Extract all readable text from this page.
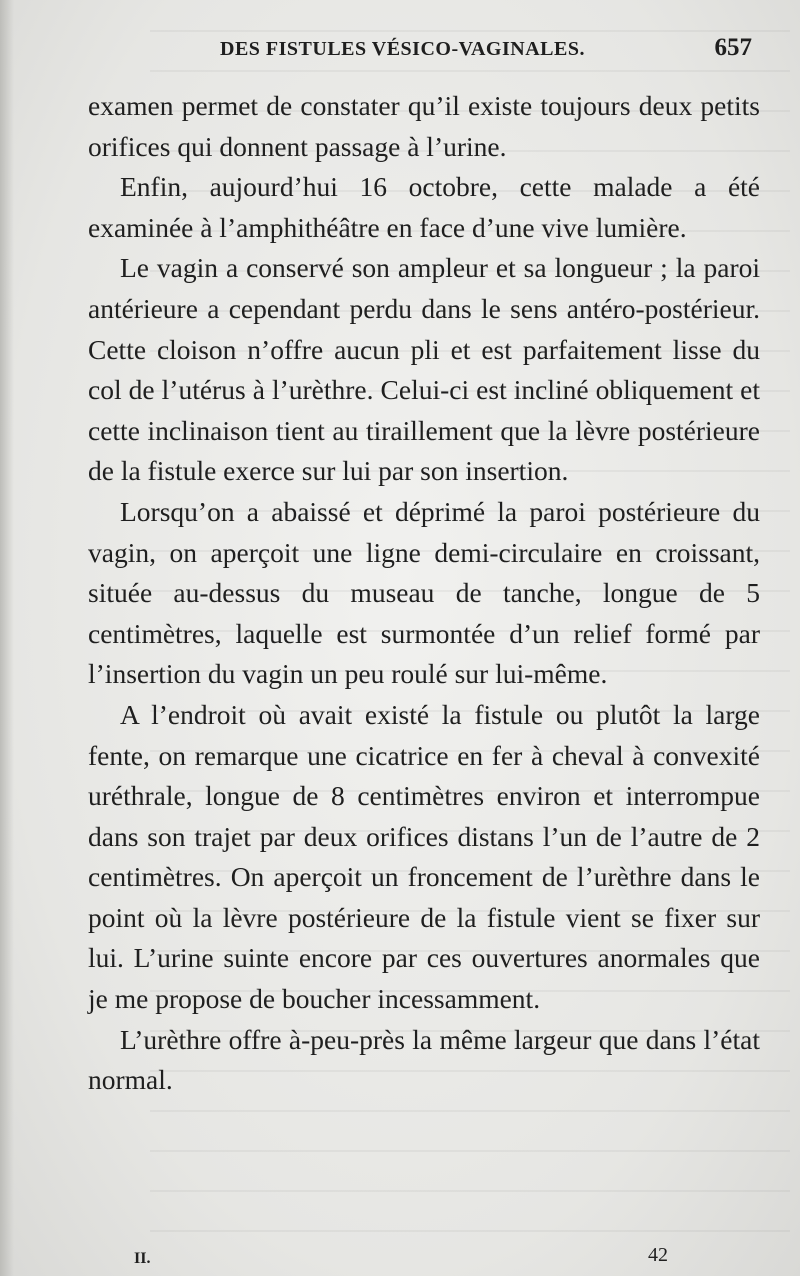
DES FISTULES VÉSICO-VAGINALES.	657

examen permet de constater qu’il existe toujours deux petits orifices qui donnent passage à l’urine.

Enfin, aujourd’hui 16 octobre, cette malade a été examinée à l’amphithéâtre en face d’une vive lumière.

Le vagin a conservé son ampleur et sa longueur ; la paroi antérieure a cependant perdu dans le sens antéro-postérieur. Cette cloison n’offre aucun pli et est parfaitement lisse du col de l’utérus à l’urèthre. Celui-ci est incliné obliquement et cette inclinaison tient au tiraillement que la lèvre postérieure de la fistule exerce sur lui par son insertion.

Lorsqu’on a abaissé et déprimé la paroi postérieure du vagin, on aperçoit une ligne demi-circulaire en croissant, située au-dessus du museau de tanche, longue de 5 centimètres, laquelle est surmontée d’un relief formé par l’insertion du vagin un peu roulé sur lui-même.

A l’endroit où avait existé la fistule ou plutôt la large fente, on remarque une cicatrice en fer à cheval à convexité uréthrale, longue de 8 centimètres environ et interrompue dans son trajet par deux orifices distans l’un de l’autre de 2 centimètres. On aperçoit un froncement de l’urèthre dans le point où la lèvre postérieure de la fistule vient se fixer sur lui. L’urine suinte encore par ces ouvertures anormales que je me propose de boucher incessamment.

L’urèthre offre à-peu-près la même largeur que dans l’état normal.

II.	42
